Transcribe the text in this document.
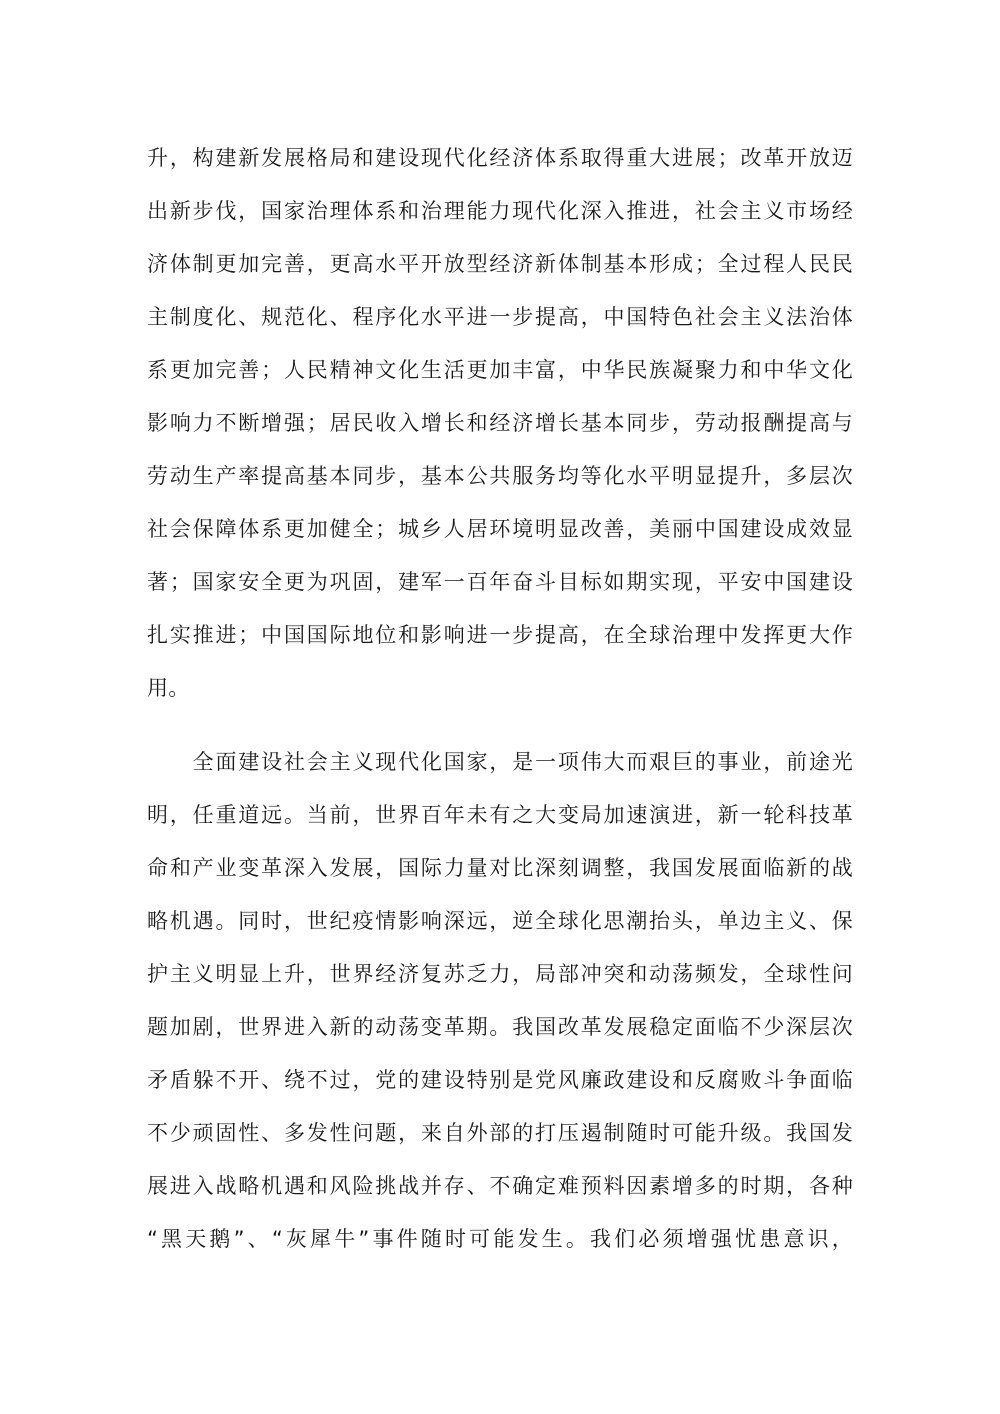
升，构建新发展格局和建设现代化经济体系取得重大进展；改革开放迈
出新步伐，国家治理体系和治理能力现代化深入推进，社会主义市场经
济体制更加完善，更高水平开放型经济新体制基本形成；全过程人民民
主制度化、规范化、程序化水平进一步提高，中国特色社会主义法治体
系更加完善；人民精神文化生活更加丰富，中华民族凝聚力和中华文化
影响力不断增强；居民收入增长和经济增长基本同步，劳动报酬提高与
劳动生产率提高基本同步，基本公共服务均等化水平明显提升，多层次
社会保障体系更加健全；城乡人居环境明显改善，美丽中国建设成效显
著；国家安全更为巩固，建军一百年奋斗目标如期实现，平安中国建设
扎实推进；中国国际地位和影响进一步提高，在全球治理中发挥更大作
用。
　　全面建设社会主义现代化国家，是一项伟大而艰巨的事业，前途光
明，任重道远。当前，世界百年未有之大变局加速演进，新一轮科技革
命和产业变革深入发展，国际力量对比深刻调整，我国发展面临新的战
略机遇。同时，世纪疫情影响深远，逆全球化思潮抬头，单边主义、保
护主义明显上升，世界经济复苏乏力，局部冲突和动荡频发，全球性问
题加剧，世界进入新的动荡变革期。我国改革发展稳定面临不少深层次
矛盾躲不开、绕不过，党的建设特别是党风廉政建设和反腐败斗争面临
不少顽固性、多发性问题，来自外部的打压遏制随时可能升级。我国发
展进入战略机遇和风险挑战并存、不确定难预料因素增多的时期，各种
“黑天鹅”、“灰犀牛”事件随时可能发生。我们必须增强忧患意识，
